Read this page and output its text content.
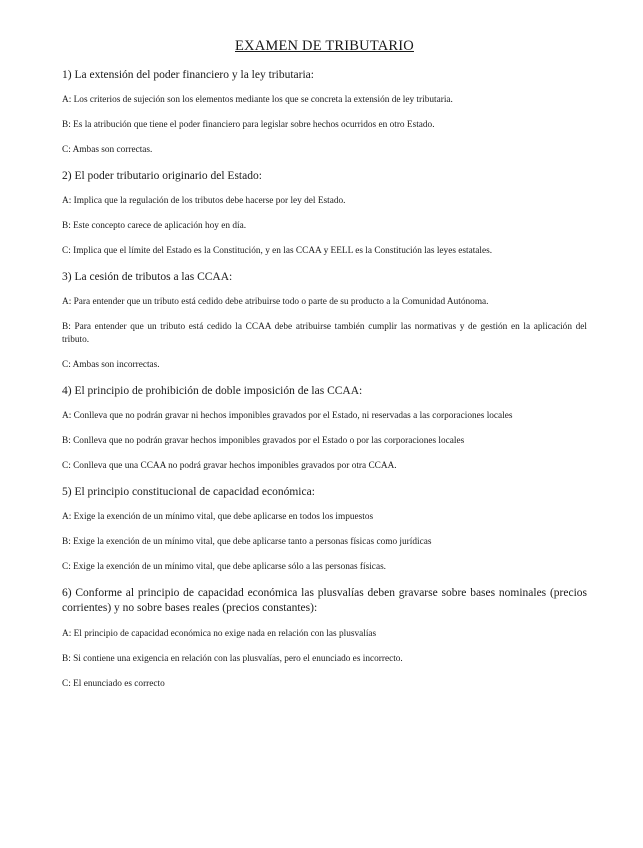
EXAMEN DE TRIBUTARIO
1) La extensión del poder financiero y la ley tributaria:
A: Los criterios de sujeción son los elementos mediante los que se concreta la extensión de ley tributaria.
B: Es la atribución que tiene el poder financiero para legislar sobre hechos ocurridos en otro Estado.
C: Ambas son correctas.
2) El poder tributario originario del Estado:
A: Implica que la regulación de los tributos debe hacerse por ley del Estado.
B: Este concepto carece de aplicación hoy en día.
C: Implica que el límite del Estado es la Constitución, y en las CCAA y EELL es la Constitución las leyes estatales.
3) La cesión de tributos a las CCAA:
A: Para entender que un tributo está cedido debe atribuirse todo o parte de su producto a la Comunidad Autónoma.
B: Para entender que un tributo está cedido la CCAA debe atribuirse también cumplir las normativas y de gestión en la aplicación del tributo.
C: Ambas son incorrectas.
4) El principio de prohibición de doble imposición de las CCAA:
A: Conlleva que no podrán gravar ni hechos imponibles gravados por el Estado, ni reservadas a las corporaciones locales
B: Conlleva que no podrán gravar hechos imponibles gravados por el Estado o por las corporaciones locales
C: Conlleva que una CCAA no podrá gravar hechos imponibles gravados por otra CCAA.
5) El principio constitucional de capacidad económica:
A: Exige la exención de un mínimo vital, que debe aplicarse en todos los impuestos
B: Exige la exención de un mínimo vital, que debe aplicarse tanto a personas físicas como jurídicas
C: Exige la exención de un mínimo vital, que debe aplicarse sólo a las personas físicas.
6) Conforme al principio de capacidad económica las plusvalías deben gravarse sobre bases nominales (precios corrientes) y no sobre bases reales (precios constantes):
A: El principio de capacidad económica no exige nada en relación con las plusvalías
B: Si contiene una exigencia en relación con las plusvalías, pero el enunciado es incorrecto.
C: El enunciado es correcto
